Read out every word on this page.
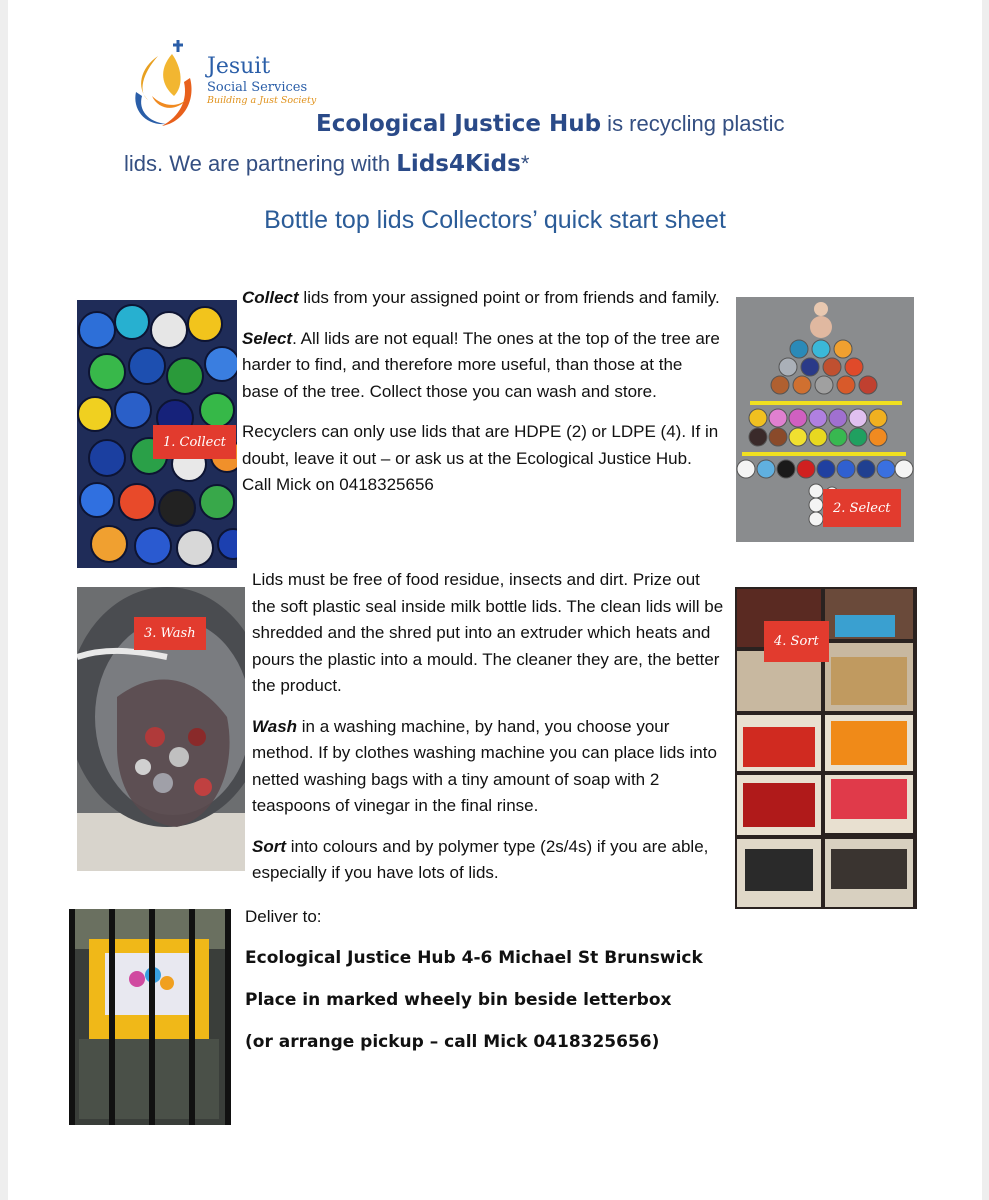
Jesuit
Social Services
Building a Just Society
Ecological Justice Hub is recycling plastic
lids. We are partnering with Lids4Kids*
Bottle top lids Collectors’ quick start sheet
1. Collect
2. Select

Collect lids from your assigned point or from friends and family.

Select. All lids are not equal! The ones at the top of the tree are harder to find, and therefore more useful, than those at the base of the tree. Collect those you can wash and store.

Recyclers can only use lids that are HDPE (2) or LDPE (4). If in doubt, leave it out – or ask us at the Ecological Justice Hub. Call Mick on 0418325656

3. Wash
4. Sort

Lids must be free of food residue, insects and dirt. Prize out the soft plastic seal inside milk bottle lids. The clean lids will be shredded and the shred put into an extruder which heats and pours the plastic into a mould. The cleaner they are, the better the product.

Wash in a washing machine, by hand, you choose your method. If by clothes washing machine you can place lids into netted washing bags with a tiny amount of soap with 2 teaspoons of vinegar in the final rinse.

Sort into colours and by polymer type (2s/4s) if you are able, especially if you have lots of lids.

Deliver to:
Ecological Justice Hub 4-6 Michael St Brunswick
Place in marked wheely bin beside letterbox
(or arrange pickup – call Mick 0418325656)
